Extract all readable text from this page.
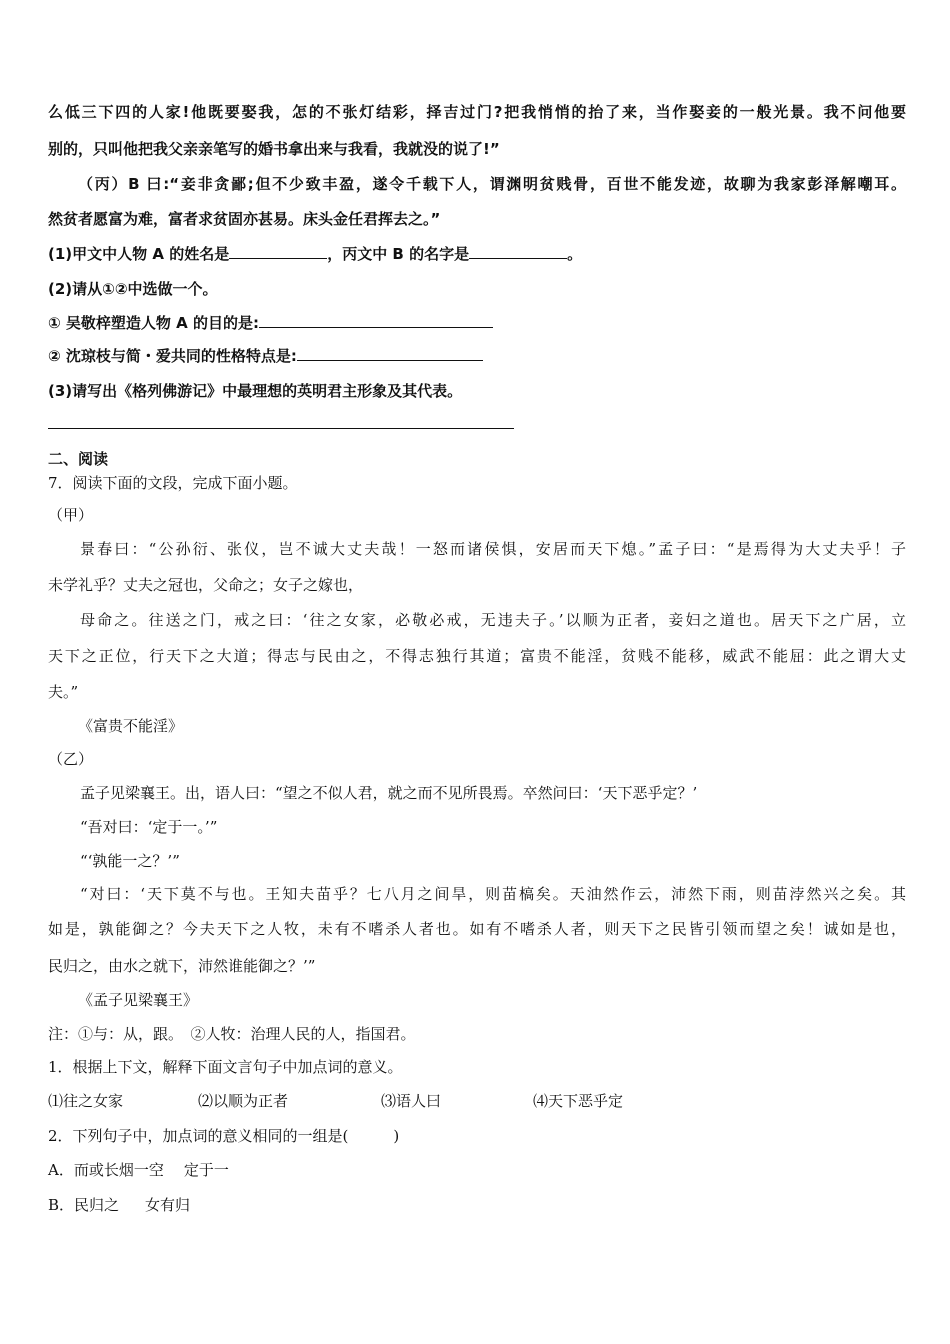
么低三下四的人家!他既要娶我，怎的不张灯结彩，择吉过门?把我悄悄的抬了来，当作娶妾的一般光景。我不问他要
别的，只叫他把我父亲亲笔写的婚书拿出来与我看，我就没的说了!”
（丙）B 曰:“妾非贪鄙;但不少致丰盈，遂令千载下人，谓渊明贫贱骨，百世不能发迹，故聊为我家彭泽解嘲耳。
然贫者愿富为难，富者求贫固亦甚易。床头金任君挥去之。”
(1)甲文中人物 A 的姓名是	，丙文中 B 的名字是	。
(2)请从①②中选做一个。
① 吴敬梓塑造人物 A 的目的是:
② 沈琼枝与简・爱共同的性格特点是:
(3)请写出《格列佛游记》中最理想的英明君主形象及其代表。
二、阅读
7．阅读下面的文段，完成下面小题。
（甲）
景春曰：“公孙衍、张仪，岂不诚大丈夫哉！一怒而诸侯惧，安居而天下熄。”孟子曰：“是焉得为大丈夫乎！子
未学礼乎？丈夫之冠也，父命之；女子之嫁也，
母命之。往送之门，戒之曰：‘往之女家，必敬必戒，无违夫子。’以顺为正者，妾妇之道也。居天下之广居，立
天下之正位，行天下之大道；得志与民由之，不得志独行其道；富贵不能淫，贫贱不能移，威武不能屈：此之谓大丈
夫。”
《富贵不能淫》
（乙）
孟子见梁襄王。出，语人曰：“望之不似人君，就之而不见所畏焉。卒然问曰：‘天下恶乎定？’
“吾对曰：‘定于一。’”
“‘孰能一之？’”
“对曰：‘天下莫不与也。王知夫苗乎？七八月之间旱，则苗槁矣。天油然作云，沛然下雨，则苗浡然兴之矣。其
如是，孰能御之？今夫天下之人牧，未有不嗜杀人者也。如有不嗜杀人者，则天下之民皆引领而望之矣！诚如是也，
民归之，由水之就下，沛然谁能御之？’”
《孟子见梁襄王》
注：①与：从，跟。　②人牧：治理人民的人，指国君。
1．根据上下文，解释下面文言句子中加点词的意义。
⑴往之女家	⑵以顺为正者	⑶语人曰	⑷天下恶乎定
2．下列句子中，加点词的意义相同的一组是(　　　)
A．而或长烟一空 定于一
B．民归之 女有归
